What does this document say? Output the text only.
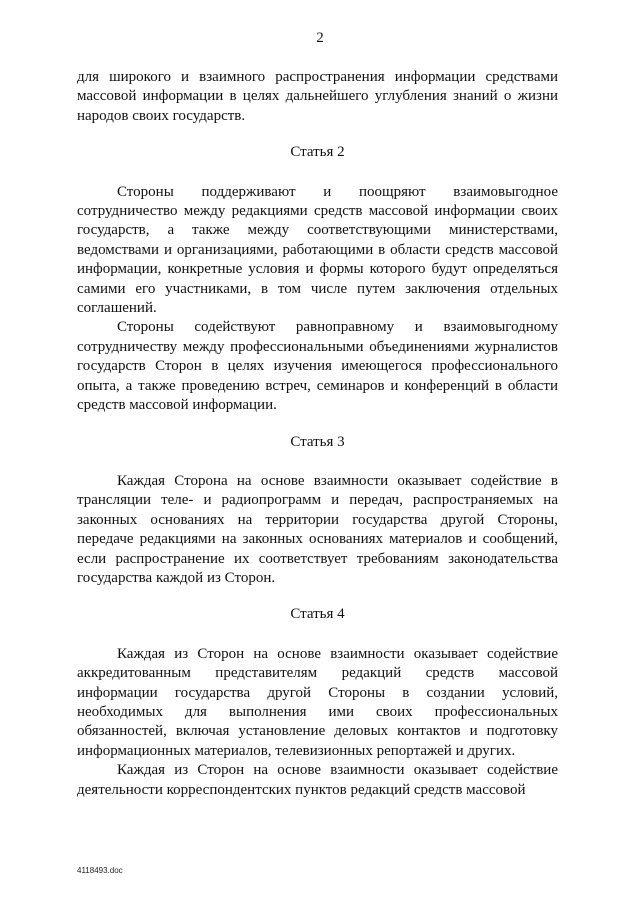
2

для широкого и взаимного распространения информации средствами массовой информации в целях дальнейшего углубления знаний о жизни народов своих государств.

Статья 2

Стороны поддерживают и поощряют взаимовыгодное сотрудничество между редакциями средств массовой информации своих государств, а также между соответствующими министерствами, ведомствами и организациями, работающими в области средств массовой информации, конкретные условия и формы которого будут определяться самими его участниками, в том числе путем заключения отдельных соглашений.

Стороны содействуют равноправному и взаимовыгодному сотрудничеству между профессиональными объединениями журналистов государств Сторон в целях изучения имеющегося профессионального опыта, а также проведению встреч, семинаров и конференций в области средств массовой информации.

Статья 3

Каждая Сторона на основе взаимности оказывает содействие в трансляции теле- и радиопрограмм и передач, распространяемых на законных основаниях на территории государства другой Стороны, передаче редакциями на законных основаниях материалов и сообщений, если распространение их соответствует требованиям законодательства государства каждой из Сторон.

Статья 4

Каждая из Сторон на основе взаимности оказывает содействие аккредитованным представителям редакций средств массовой информации государства другой Стороны в создании условий, необходимых для выполнения ими своих профессиональных обязанностей, включая установление деловых контактов и подготовку информационных материалов, телевизионных репортажей и других.

Каждая из Сторон на основе взаимности оказывает содействие деятельности корреспондентских пунктов редакций средств массовой

4118493.doc
